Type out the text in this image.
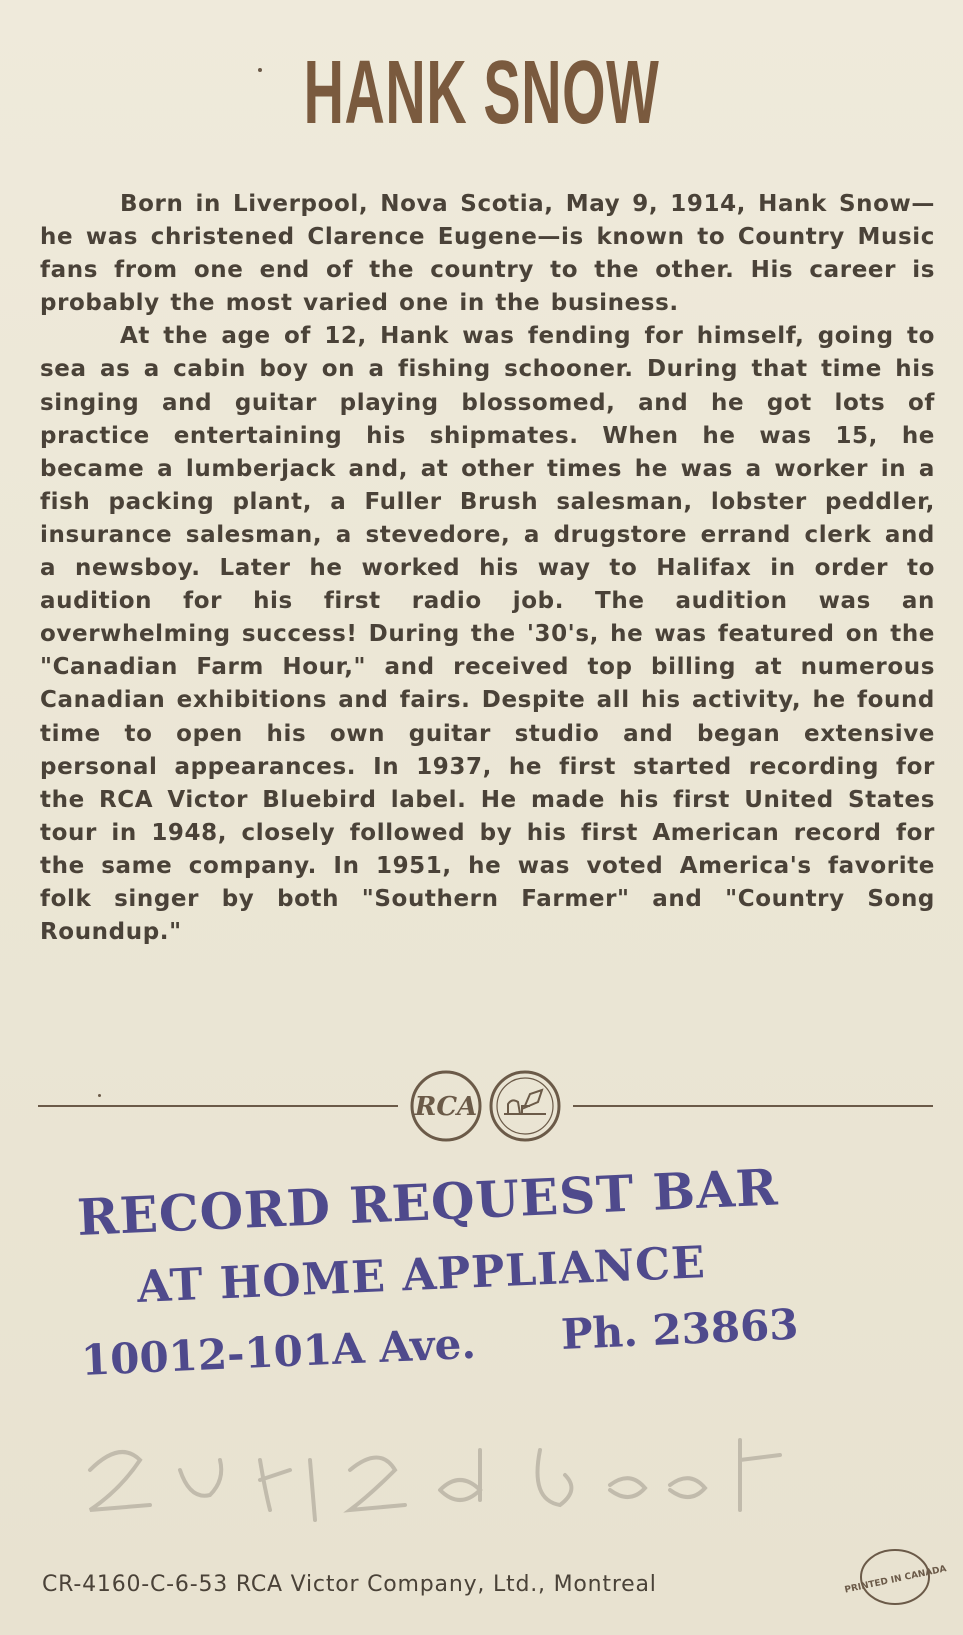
HANK SNOW

Born in Liverpool, Nova Scotia, May 9, 1914, Hank Snow—he was christened Clarence Eugene—is known to Country Music fans from one end of the country to the other. His career is probably the most varied one in the business.

At the age of 12, Hank was fending for himself, going to sea as a cabin boy on a fishing schooner. During that time his singing and guitar playing blossomed, and he got lots of practice entertaining his shipmates. When he was 15, he became a lumberjack and, at other times he was a worker in a fish packing plant, a Fuller Brush salesman, lobster peddler, insurance salesman, a stevedore, a drugstore errand clerk and a newsboy. Later he worked his way to Halifax in order to audition for his first radio job. The audition was an overwhelming success! During the '30's, he was featured on the "Canadian Farm Hour," and received top billing at numerous Canadian exhibitions and fairs. Despite all his activity, he found time to open his own guitar studio and began extensive personal appearances. In 1937, he first started recording for the RCA Victor Bluebird label. He made his first United States tour in 1948, closely followed by his first American record for the same company. In 1951, he was voted America's favorite folk singer by both "Southern Farmer" and "Country Song Roundup."

RCA
RECORD REQUEST BAR
AT HOME APPLIANCE
10012-101A Ave. Ph. 23863
CR-4160-C-6-53 RCA Victor Company, Ltd., Montreal	PRINTED IN CANADA
